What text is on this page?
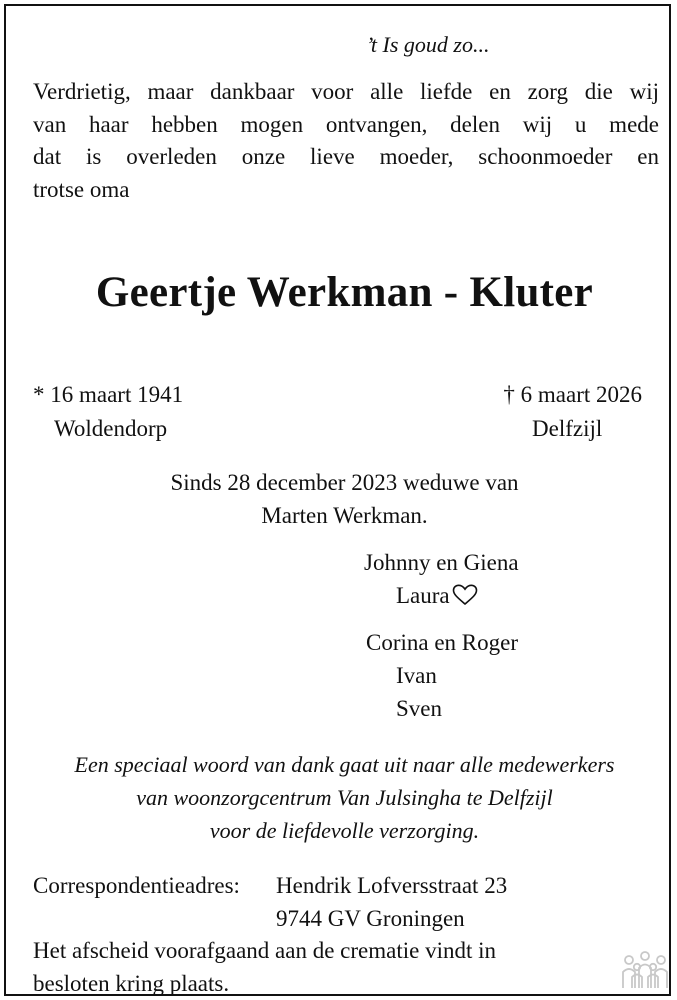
’t Is goud zo...
Verdrietig, maar dankbaar voor alle liefde en zorg die wij
van haar hebben mogen ontvangen, delen wij u mede
dat is overleden onze lieve moeder, schoonmoeder en
trotse oma
Geertje Werkman - Kluter
* 16 maart 1941
Woldendorp
† 6 maart 2026
Delfzijl
Sinds 28 december 2023 weduwe van
Marten Werkman.
Johnny en Giena
Laura
Corina en Roger
Ivan
Sven
Een speciaal woord van dank gaat uit naar alle medewerkers
van woonzorgcentrum Van Julsingha te Delfzijl
voor de liefdevolle verzorging.
Correspondentieadres: Hendrik Lofversstraat 23
9744 GV Groningen
Het afscheid voorafgaand aan de crematie vindt in
besloten kring plaats.
